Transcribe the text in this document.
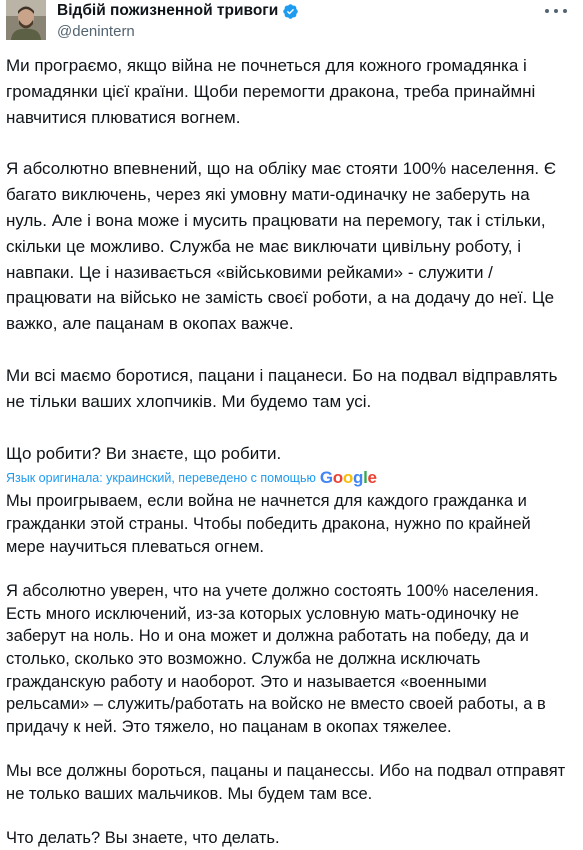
Відбій пожизненной тривоги
@denintern

Ми програємо, якщо війна не почнеться для кожного громадянка і громадянки цієї країни. Щоби перемогти дракона, треба принаймні навчитися плюватися вогнем.

Я абсолютно впевнений, що на обліку має стояти 100% населення. Є багато виключень, через які умовну мати-одиначку не заберуть на нуль. Але і вона може і мусить працювати на перемогу, так і стільки, скільки це можливо. Служба не має виключати цивільну роботу, і навпаки. Це і називається «військовими рейками» - служити / працювати на військо не замість своєї роботи, а на додачу до неї. Це важко, але пацанам в окопах важче.

Ми всі маємо боротися, пацани і пацанеси. Бо на подвал відправлять не тільки ваших хлопчиків. Ми будемо там усі.

Що робити? Ви знаєте, що робити.

Язык оригинала: украинский, переведено с помощью Google

Мы проигрываем, если война не начнется для каждого гражданка и гражданки этой страны. Чтобы победить дракона, нужно по крайней мере научиться плеваться огнем.

Я абсолютно уверен, что на учете должно состоять 100% населения. Есть много исключений, из-за которых условную мать-одиночку не заберут на ноль. Но и она может и должна работать на победу, да и столько, сколько это возможно. Служба не должна исключать гражданскую работу и наоборот. Это и называется «военными рельсами» – служить/работать на войско не вместо своей работы, а в придачу к ней. Это тяжело, но пацанам в окопах тяжелее.

Мы все должны бороться, пацаны и пацанессы. Ибо на подвал отправят не только ваших мальчиков. Мы будем там все.

Что делать? Вы знаете, что делать.
